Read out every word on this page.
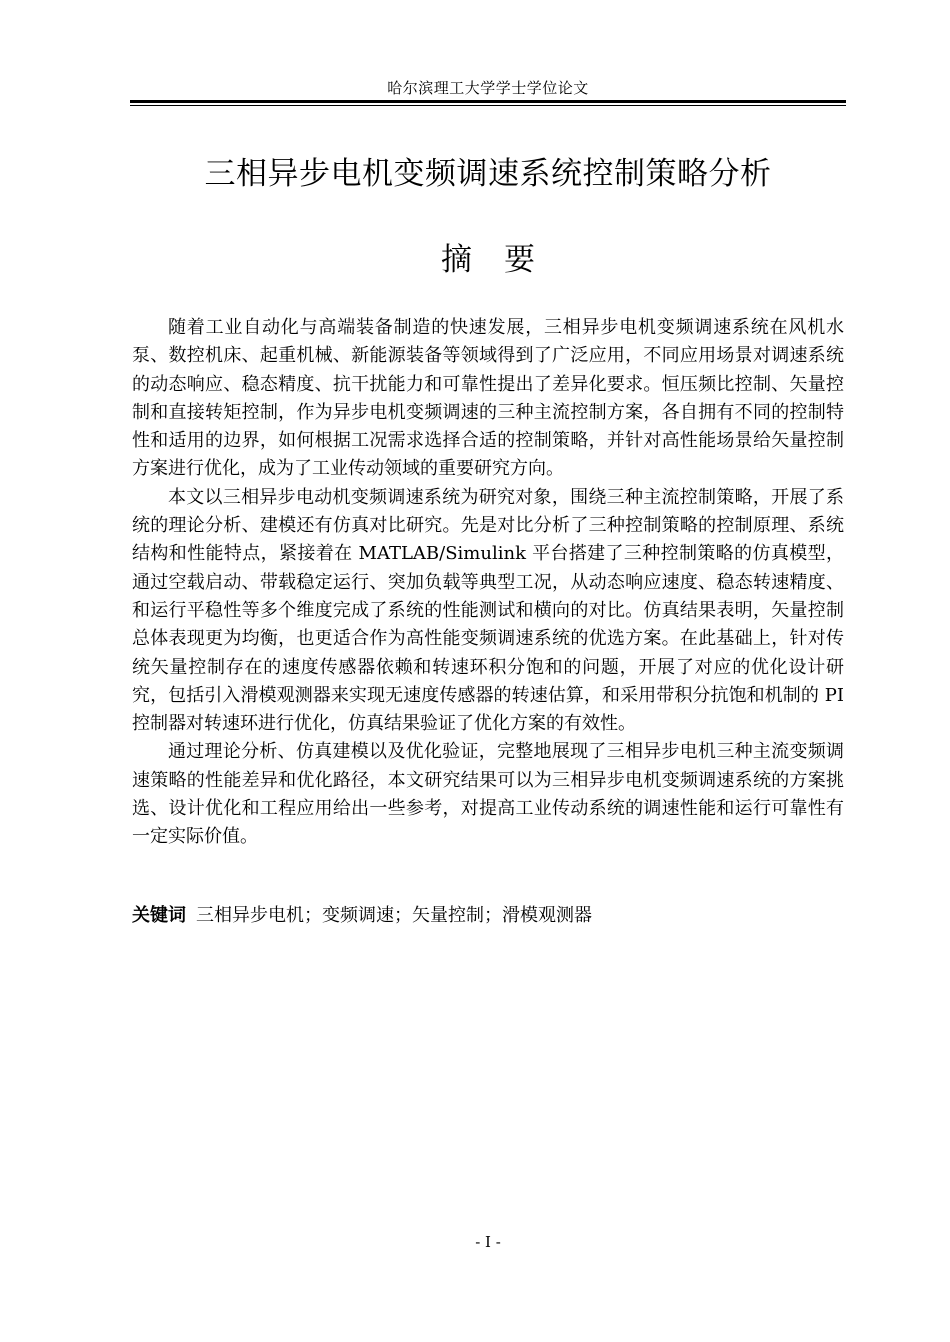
哈尔滨理工大学学士学位论文
三相异步电机变频调速系统控制策略分析
摘要

随着工业自动化与高端装备制造的快速发展，三相异步电机变频调速系统在风机水泵、数控机床、起重机械、新能源装备等领域得到了广泛应用，不同应用场景对调速系统的动态响应、稳态精度、抗干扰能力和可靠性提出了差异化要求。恒压频比控制、矢量控制和直接转矩控制，作为异步电机变频调速的三种主流控制方案，各自拥有不同的控制特性和适用的边界，如何根据工况需求选择合适的控制策略，并针对高性能场景给矢量控制方案进行优化，成为了工业传动领域的重要研究方向。

本文以三相异步电动机变频调速系统为研究对象，围绕三种主流控制策略，开展了系统的理论分析、建模还有仿真对比研究。先是对比分析了三种控制策略的控制原理、系统结构和性能特点，紧接着在 MATLAB/Simulink 平台搭建了三种控制策略的仿真模型，通过空载启动、带载稳定运行、突加负载等典型工况，从动态响应速度、稳态转速精度、和运行平稳性等多个维度完成了系统的性能测试和横向的对比。仿真结果表明，矢量控制总体表现更为均衡，也更适合作为高性能变频调速系统的优选方案。在此基础上，针对传统矢量控制存在的速度传感器依赖和转速环积分饱和的问题，开展了对应的优化设计研究，包括引入滑模观测器来实现无速度传感器的转速估算，和采用带积分抗饱和机制的 PI 控制器对转速环进行优化，仿真结果验证了优化方案的有效性。

通过理论分析、仿真建模以及优化验证，完整地展现了三相异步电机三种主流变频调速策略的性能差异和优化路径，本文研究结果可以为三相异步电机变频调速系统的方案挑选、设计优化和工程应用给出一些参考，对提高工业传动系统的调速性能和运行可靠性有一定实际价值。

关键词 三相异步电机；变频调速；矢量控制；滑模观测器
- I -
